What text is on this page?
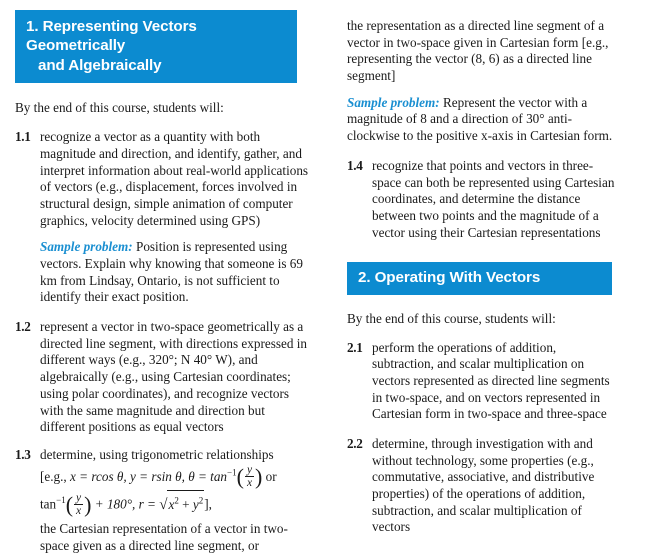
1. Representing Vectors Geometrically
and Algebraically
By the end of this course, students will:
1.1 recognize a vector as a quantity with both magnitude and direction, and identify, gather, and interpret information about real-world applications of vectors (e.g., displacement, forces involved in structural design, simple animation of computer graphics, velocity determined using GPS)

Sample problem: Position is represented using vectors. Explain why knowing that someone is 69 km from Lindsay, Ontario, is not sufficient to identify their exact position.

1.2 represent a vector in two-space geometrically as a directed line segment, with directions expressed in different ways (e.g., 320°; N 40° W), and algebraically (e.g., using Cartesian coordinates; using polar coordinates), and recognize vectors with the same magnitude and direction but different positions as equal vectors

1.3 determine, using trigonometric relationships

[e.g., x = rcos θ, y = rsin θ, $\theta = \tan^{-1}( \frac{y}{x}$ ) or
$\tan^{-1}( \frac{y}{x}$ ) + 180°, $r = √x^2 + y^2$],

the Cartesian representation of a vector in two-space given as a directed line segment, or

the representation as a directed line segment of a vector in two-space given in Cartesian form [e.g., representing the vector (8, 6) as a directed line segment]

Sample problem: Represent the vector with a magnitude of 8 and a direction of 30° anti-clockwise to the positive x-axis in Cartesian form.

1.4 recognize that points and vectors in three-space can both be represented using Cartesian coordinates, and determine the distance between two points and the magnitude of a vector using their Cartesian representations

2. Operating With Vectors
By the end of this course, students will:
2.1 perform the operations of addition, subtraction, and scalar multiplication on vectors represented as directed line segments in two-space, and on vectors represented in Cartesian form in two-space and three-space

2.2 determine, through investigation with and without technology, some properties (e.g., commutative, associative, and distributive properties) of the operations of addition, subtraction, and scalar multiplication of vectors
